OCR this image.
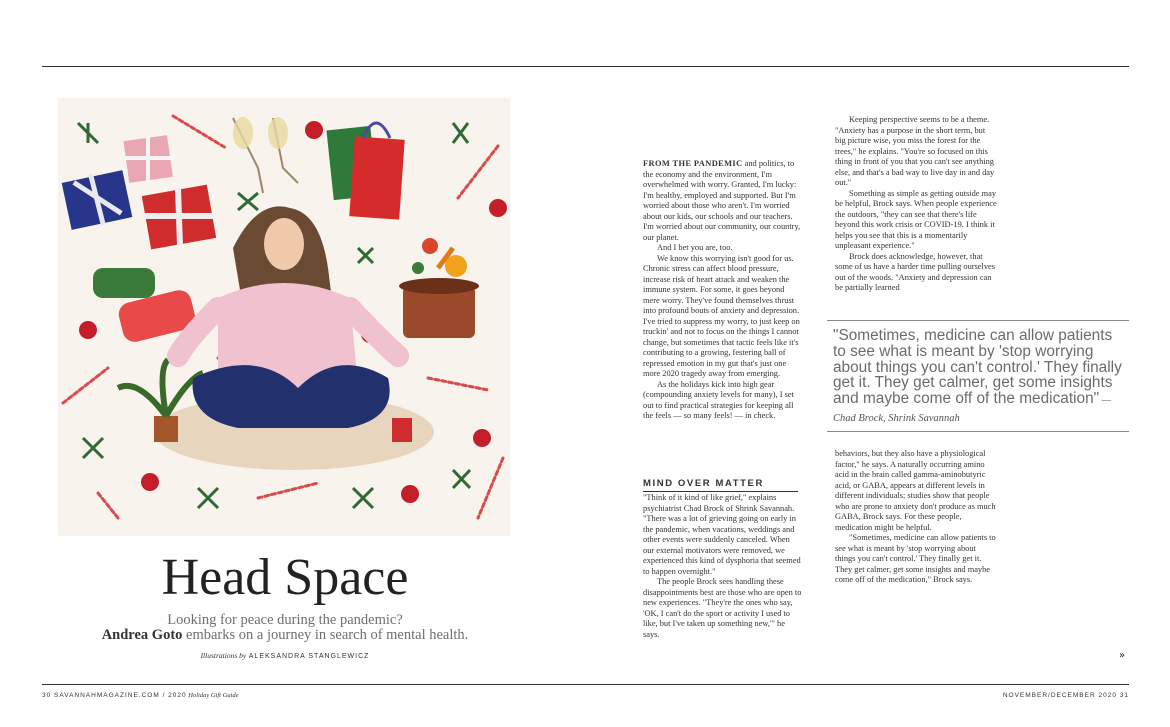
Head Space

Looking for peace during the pandemic?
Andrea Goto embarks on a journey in search of mental health.

Illustrations by ALEKSANDRA STANGLEWICZ

FROM THE PANDEMIC and politics, to the economy and the environment, I'm overwhelmed with worry. Granted, I'm lucky: I'm healthy, employed and supported. But I'm worried about those who aren't. I'm worried about our kids, our schools and our teachers. I'm worried about our community, our country, our planet.

And I bet you are, too.

We know this worrying isn't good for us. Chronic stress can affect blood pressure, increase risk of heart attack and weaken the immune system. For some, it goes beyond mere worry. They've found themselves thrust into profound bouts of anxiety and depression. I've tried to suppress my worry, to just keep on truckin' and not to focus on the things I cannot change, but sometimes that tactic feels like it's contributing to a growing, festering ball of repressed emotion in my gut that's just one more 2020 tragedy away from emerging.

As the holidays kick into high gear (compounding anxiety levels for many), I set out to find practical strategies for keeping all the feels — so many feels! — in check.

MIND OVER MATTER

"Think of it kind of like grief," explains psychiatrist Chad Brock of Shrink Savannah. "There was a lot of grieving going on early in the pandemic, when vacations, weddings and other events were suddenly canceled. When our external motivators were removed, we experienced this kind of dysphoria that seemed to happen overnight."

The people Brock sees handling these disappointments best are those who are open to new experiences. "They're the ones who say, 'OK, I can't do the sport or activity I used to like, but I've taken up something new,'" he says.

Keeping perspective seems to be a theme. "Anxiety has a purpose in the short term, but big picture wise, you miss the forest for the trees," he explains. "You're so focused on this thing in front of you that you can't see anything else, and that's a bad way to live day in and day out."

Something as simple as getting outside may be helpful, Brock says. When people experience the outdoors, "they can see that there's life beyond this work crisis or COVID-19. I think it helps you see that this is a momentarily unpleasant experience."

Brock does acknowledge, however, that some of us have a harder time pulling ourselves out of the woods. "Anxiety and depression can be partially learned

"Sometimes, medicine can allow patients to see what is meant by 'stop worrying about things you can't control.' They finally get it. They get calmer, get some insights and maybe come off of the medication" — Chad Brock, Shrink Savannah

behaviors, but they also have a physiological factor," he says. A naturally occurring amino acid in the brain called gamma-aminobutyric acid, or GABA, appears at different levels in different individuals; studies show that people who are prone to anxiety don't produce as much GABA, Brock says. For these people, medication might be helpful.

"Sometimes, medicine can allow patients to see what is meant by 'stop worrying about things you can't control.' They finally get it. They get calmer, get some insights and maybe come off of the medication," Brock says.

»
30 SAVANNAHMAGAZINE.COM / 2020 Holiday Gift Guide	NOVEMBER/DECEMBER 2020 31
